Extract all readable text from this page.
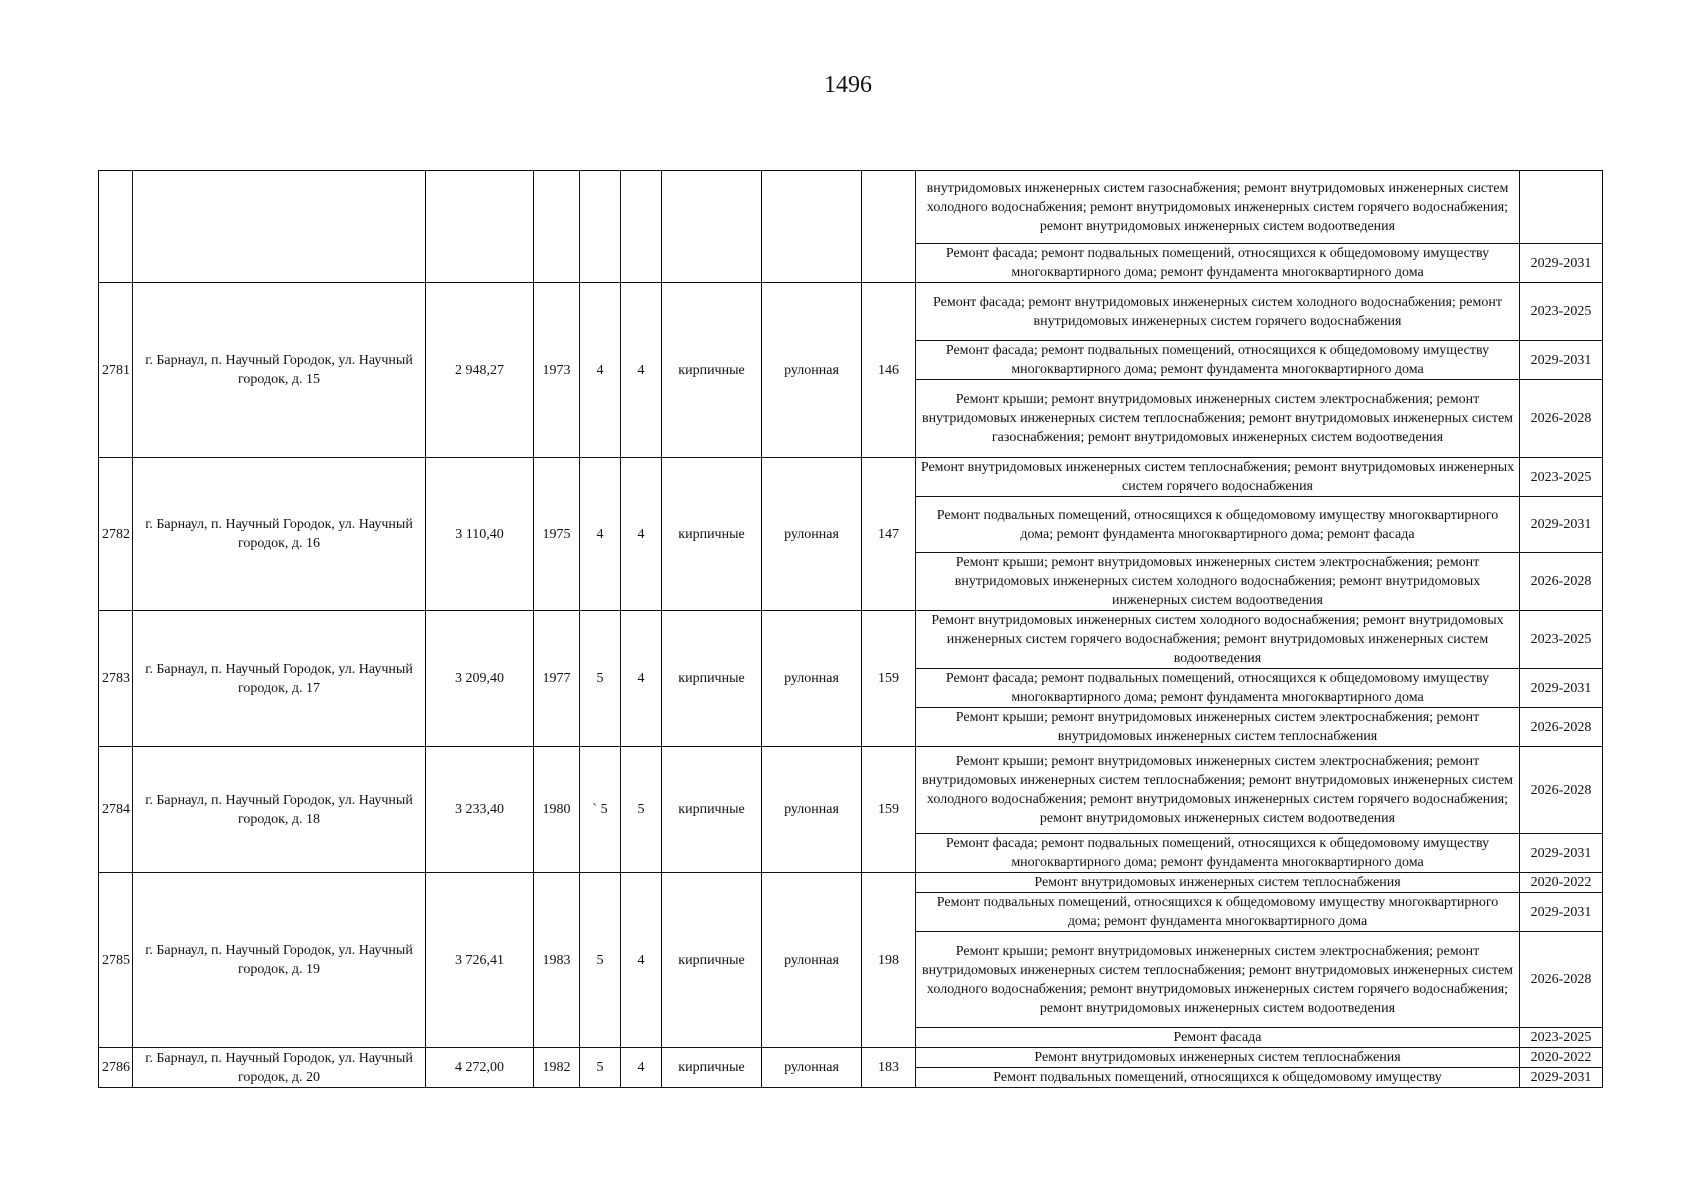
1496
									внутридомовых инженерных систем газоснабжения; ремонт внутридомовых инженерных систем холодного водоснабжения; ремонт внутридомовых инженерных систем горячего водоснабжения; ремонт внутридомовых инженерных систем водоотведения	
									Ремонт фасада; ремонт подвальных помещений, относящихся к общедомовому имуществу многоквартирного дома; ремонт фундамента многоквартирного дома	2029-2031
2781	г. Барнаул, п. Научный Городок, ул. Научный городок, д. 15	2 948,27	1973	4	4	кирпичные	рулонная	146	Ремонт фасада; ремонт внутридомовых инженерных систем холодного водоснабжения; ремонт внутридомовых инженерных систем горячего водоснабжения	2023-2025
									Ремонт фасада; ремонт подвальных помещений, относящихся к общедомовому имуществу многоквартирного дома; ремонт фундамента многоквартирного дома	2029-2031
									Ремонт крыши; ремонт внутридомовых инженерных систем электроснабжения; ремонт внутридомовых инженерных систем теплоснабжения; ремонт внутридомовых инженерных систем газоснабжения; ремонт внутридомовых инженерных систем водоотведения	2026-2028
2782	г. Барнаул, п. Научный Городок, ул. Научный городок, д. 16	3 110,40	1975	4	4	кирпичные	рулонная	147	Ремонт внутридомовых инженерных систем теплоснабжения; ремонт внутридомовых инженерных систем горячего водоснабжения	2023-2025
									Ремонт подвальных помещений, относящихся к общедомовому имуществу многоквартирного дома; ремонт фундамента многоквартирного дома; ремонт фасада	2029-2031
									Ремонт крыши; ремонт внутридомовых инженерных систем электроснабжения; ремонт внутридомовых инженерных систем холодного водоснабжения; ремонт внутридомовых инженерных систем водоотведения	2026-2028
2783	г. Барнаул, п. Научный Городок, ул. Научный городок, д. 17	3 209,40	1977	5	4	кирпичные	рулонная	159	Ремонт внутридомовых инженерных систем холодного водоснабжения; ремонт внутридомовых инженерных систем горячего водоснабжения; ремонт внутридомовых инженерных систем водоотведения	2023-2025
									Ремонт фасада; ремонт подвальных помещений, относящихся к общедомовому имуществу многоквартирного дома; ремонт фундамента многоквартирного дома	2029-2031
									Ремонт крыши; ремонт внутридомовых инженерных систем электроснабжения; ремонт внутридомовых инженерных систем теплоснабжения	2026-2028
2784	г. Барнаул, п. Научный Городок, ул. Научный городок, д. 18	3 233,40	1980	` 5	5	кирпичные	рулонная	159	Ремонт крыши; ремонт внутридомовых инженерных систем электроснабжения; ремонт внутридомовых инженерных систем теплоснабжения; ремонт внутридомовых инженерных систем холодного водоснабжения; ремонт внутридомовых инженерных систем горячего водоснабжения; ремонт внутридомовых инженерных систем водоотведения	2026-2028
									Ремонт фасада; ремонт подвальных помещений, относящихся к общедомовому имуществу многоквартирного дома; ремонт фундамента многоквартирного дома	2029-2031
2785	г. Барнаул, п. Научный Городок, ул. Научный городок, д. 19	3 726,41	1983	5	4	кирпичные	рулонная	198	Ремонт внутридомовых инженерных систем теплоснабжения	2020-2022
									Ремонт подвальных помещений, относящихся к общедомовому имуществу многоквартирного дома; ремонт фундамента многоквартирного дома	2029-2031
									Ремонт крыши; ремонт внутридомовых инженерных систем электроснабжения; ремонт внутридомовых инженерных систем теплоснабжения; ремонт внутридомовых инженерных систем холодного водоснабжения; ремонт внутридомовых инженерных систем горячего водоснабжения; ремонт внутридомовых инженерных систем водоотведения	2026-2028
									Ремонт фасада	2023-2025
2786	г. Барнаул, п. Научный Городок, ул. Научный городок, д. 20	4 272,00	1982	5	4	кирпичные	рулонная	183	Ремонт внутридомовых инженерных систем теплоснабжения	2020-2022
									Ремонт подвальных помещений, относящихся к общедомовому имуществу	2029-2031
